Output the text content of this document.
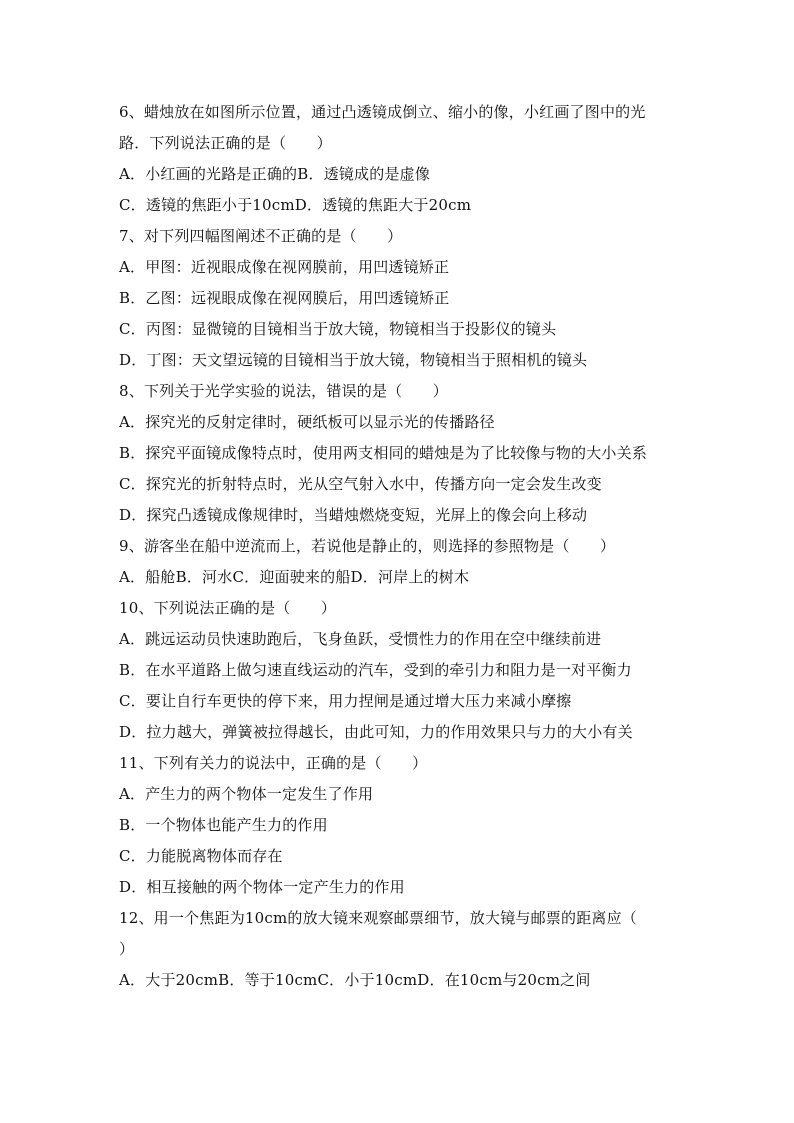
6、蜡烛放在如图所示位置，通过凸透镜成倒立、缩小的像，小红画了图中的光
路．下列说法正确的是（　　）
A．小红画的光路是正确的B．透镜成的是虚像
C．透镜的焦距小于10cmD．透镜的焦距大于20cm
7、对下列四幅图阐述不正确的是（　　）
A．甲图：近视眼成像在视网膜前，用凹透镜矫正
B．乙图：远视眼成像在视网膜后，用凹透镜矫正
C．丙图：显微镜的目镜相当于放大镜，物镜相当于投影仪的镜头
D．丁图：天文望远镜的目镜相当于放大镜，物镜相当于照相机的镜头
8、下列关于光学实验的说法，错误的是（　　）
A．探究光的反射定律时，硬纸板可以显示光的传播路径
B．探究平面镜成像特点时，使用两支相同的蜡烛是为了比较像与物的大小关系
C．探究光的折射特点时，光从空气射入水中，传播方向一定会发生改变
D．探究凸透镜成像规律时，当蜡烛燃烧变短，光屏上的像会向上移动
9、游客坐在船中逆流而上，若说他是静止的，则选择的参照物是（　　）
A．船舱B．河水C．迎面驶来的船D．河岸上的树木
10、下列说法正确的是（　　）
A．跳远运动员快速助跑后，飞身鱼跃，受惯性力的作用在空中继续前进
B．在水平道路上做匀速直线运动的汽车，受到的牵引力和阻力是一对平衡力
C．要让自行车更快的停下来，用力捏闸是通过增大压力来减小摩擦
D．拉力越大，弹簧被拉得越长，由此可知，力的作用效果只与力的大小有关
11、下列有关力的说法中，正确的是（　　）
A．产生力的两个物体一定发生了作用
B．一个物体也能产生力的作用
C．力能脱离物体而存在
D．相互接触的两个物体一定产生力的作用
12、用一个焦距为10cm的放大镜来观察邮票细节，放大镜与邮票的距离应（
）
A．大于20cmB．等于10cmC．小于10cmD．在10cm与20cm之间
